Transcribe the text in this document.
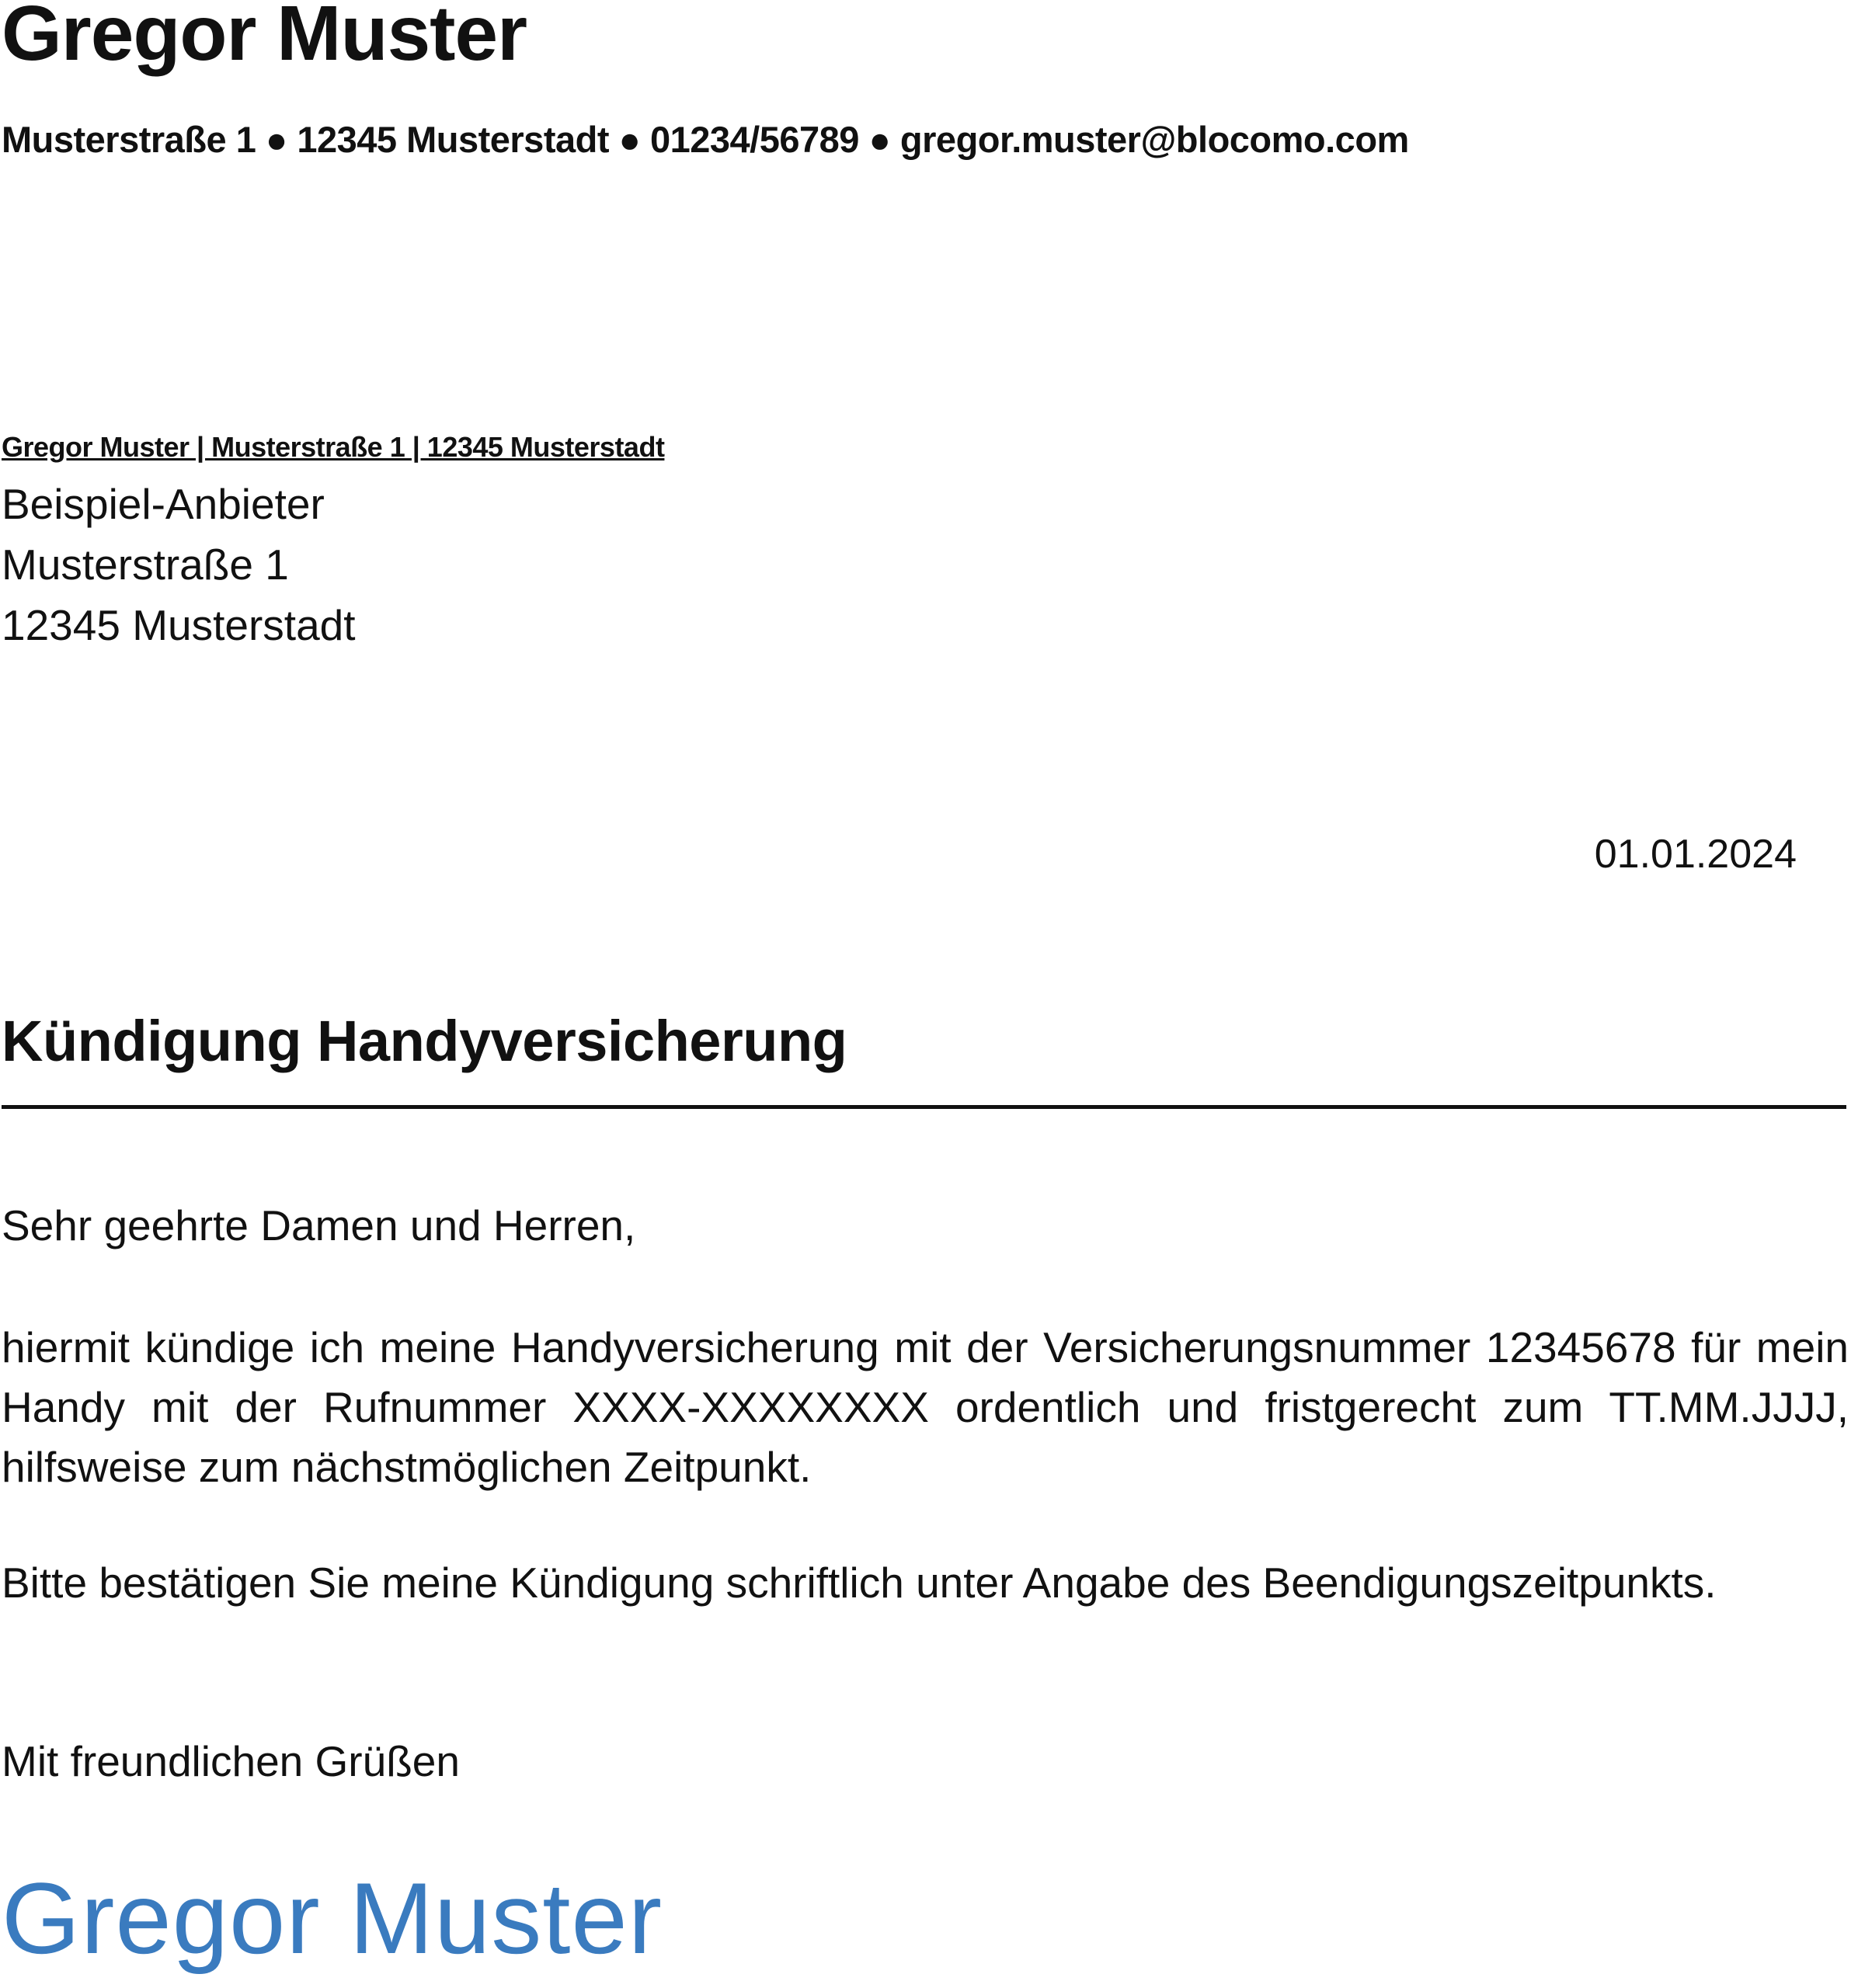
Gregor Muster
Musterstraße 1 ● 12345 Musterstadt ● 01234/56789 ● gregor.muster@blocomo.com
Gregor Muster | Musterstraße 1 | 12345 Musterstadt
Beispiel-Anbieter
Musterstraße 1
12345 Musterstadt
01.01.2024
Kündigung Handyversicherung
Sehr geehrte Damen und Herren,

hiermit kündige ich meine Handyversicherung mit der Versicherungsnummer 12345678 für mein Handy mit der Rufnummer XXXX-XXXXXXXX ordentlich und fristgerecht zum TT.MM.JJJJ, hilfsweise zum nächstmöglichen Zeitpunkt.

Bitte bestätigen Sie meine Kündigung schriftlich unter Angabe des Beendigungszeitpunkts.

Mit freundlichen Grüßen
Gregor Muster
